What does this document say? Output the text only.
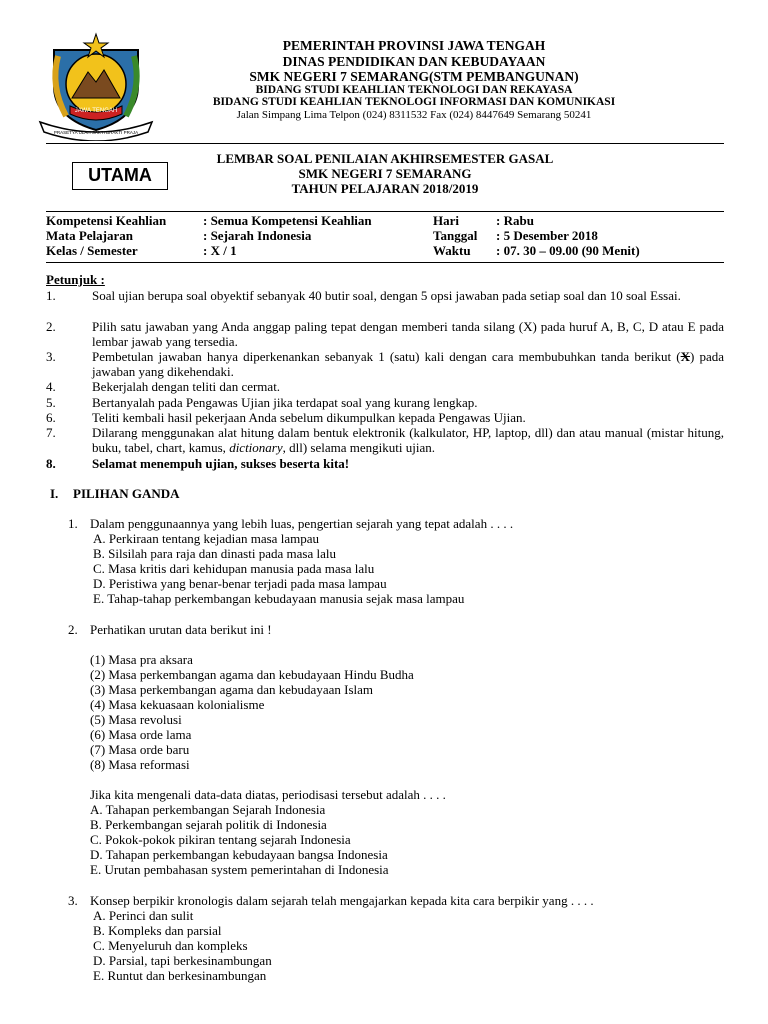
JAWA TENGAH
PRASETYA ULAH SAKTI BHAKTI PRAJA
PEMERINTAH PROVINSI JAWA TENGAH
DINAS PENDIDIKAN DAN KEBUDAYAAN
SMK NEGERI 7 SEMARANG(STM PEMBANGUNAN)
BIDANG STUDI KEAHLIAN TEKNOLOGI DAN REKAYASA
BIDANG STUDI KEAHLIAN TEKNOLOGI INFORMASI DAN KOMUNIKASI
Jalan Simpang Lima Telpon (024) 8311532 Fax (024) 8447649 Semarang 50241
UTAMA
LEMBAR SOAL PENILAIAN AKHIRSEMESTER GASAL
SMK NEGERI 7 SEMARANG
TAHUN PELAJARAN 2018/2019
Kompetensi Keahlian	: Semua Kompetensi Keahlian	Hari	: Rabu
Mata Pelajaran	: Sejarah Indonesia	Tanggal : 5 Desember 2018
Kelas / Semester	: X / 1	Waktu : 07. 30 – 09.00 (90 Menit)
Petunjuk :
1.	Soal ujian berupa soal obyektif sebanyak 40 butir soal, dengan 5 opsi jawaban pada setiap soal dan 10 soal Essai.
2.	Pilih satu jawaban yang Anda anggap paling tepat dengan memberi tanda silang (X) pada huruf A, B, C, D atau E pada lembar jawab yang tersedia.
3.	Pembetulan jawaban hanya diperkenankan sebanyak 1 (satu) kali dengan cara membubuhkan tanda berikut (X) pada jawaban yang dikehendaki.
4.	Bekerjalah dengan teliti dan cermat.
5.	Bertanyalah pada Pengawas Ujian jika terdapat soal yang kurang lengkap.
6.	Teliti kembali hasil pekerjaan Anda sebelum dikumpulkan kepada Pengawas Ujian.
7.	Dilarang menggunakan alat hitung dalam bentuk elektronik (kalkulator, HP, laptop, dll) dan atau manual (mistar hitung, buku, tabel, chart, kamus, dictionary, dll) selama mengikuti ujian.
8.	Selamat menempuh ujian, sukses beserta kita!
I. PILIHAN GANDA
1. Dalam penggunaannya yang lebih luas, pengertian sejarah yang tepat adalah . . . .
A. Perkiraan tentang kejadian masa lampau
B. Silsilah para raja dan dinasti pada masa lalu
C. Masa kritis dari kehidupan manusia pada masa lalu
D. Peristiwa yang benar-benar terjadi pada masa lampau
E. Tahap-tahap perkembangan kebudayaan manusia sejak masa lampau
2. Perhatikan urutan data berikut ini !
(1) Masa pra aksara
(2) Masa perkembangan agama dan kebudayaan Hindu Budha
(3) Masa perkembangan agama dan kebudayaan Islam
(4) Masa kekuasaan kolonialisme
(5) Masa revolusi
(6) Masa orde lama
(7) Masa orde baru
(8) Masa reformasi
Jika kita mengenali data-data diatas, periodisasi tersebut adalah . . . .
A. Tahapan perkembangan Sejarah Indonesia
B. Perkembangan sejarah politik di Indonesia
C. Pokok-pokok pikiran tentang sejarah Indonesia
D. Tahapan perkembangan kebudayaan bangsa Indonesia
E. Urutan pembahasan system pemerintahan di Indonesia
3. Konsep berpikir kronologis dalam sejarah telah mengajarkan kepada kita cara berpikir yang . . . .
A. Perinci dan sulit
B. Kompleks dan parsial
C. Menyeluruh dan kompleks
D. Parsial, tapi berkesinambungan
E. Runtut dan berkesinambungan
